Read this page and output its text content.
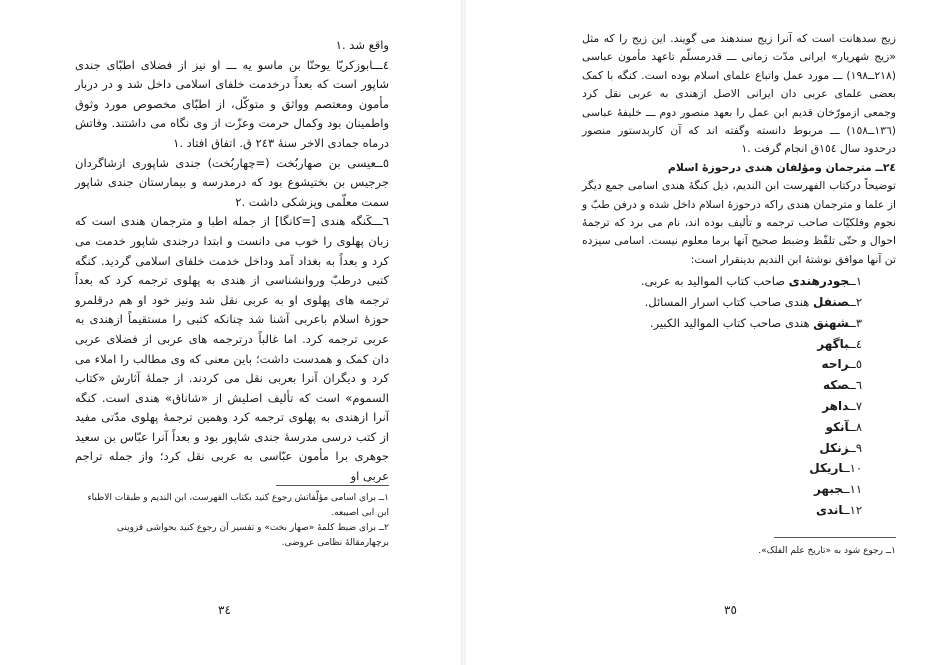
واقع شد .١

٤ـــابوزکریّا یوحنّا بن ماسو یه ـــ او نیز از فضلای اطبّای جندی شاپور است که بعداً درخدمت خلفای اسلامی داخل شد و در دربار مأمون ومعتصم وواثق و متوکّل، از اطبّای مخصوص مورد وثوق واطمینان بود وکمال حرمت وعزّت از وی نگاه می داشتند. وفاتش درماه جمادی الاخر سنهٔ ٢٤٣ ق. اتفاق افتاد .١

٥ــعیسی بن صهاربُخت (=چهاربُخت) جندی شاپوری ازشاگردان جرجیس بن بختیشوع بود که درمدرسه و بیمارستان جندی شاپور سمت معلّمی وپزشکی داشت .٢

٦ـــکَنگه هندی [=کانگا] از جمله اطبا و مترجمان هندی است که زبان پهلوی را خوب می دانست و ابتدا درجندی شاپور خدمت می کرد و بعداً به بغداد آمد وداخل خدمت خلفای اسلامی گردید. کنگه کتبی درطبّ وروانشناسی از هندی به پهلوی ترجمه کرد که بعداً ترجمه های پهلوی او به عربی نقل شد ونیز خود او هم درقلمرو حوزهٔ اسلام باعربی آشنا شد چنانکه کتبی را مستقیماً ازهندی به عربی ترجمه کرد. اما غالباً درترجمه های عربی از فضلای عربی دان کمک و همدست داشت؛ باین معنی که وی مطالب را املاء می کرد و دیگران آنرا بعربی نقل می کردند. از جملهٔ آثارش «کتاب السموم» است که تألیف اصلیش از «شاناق» هندی است. کنگه آنرا ازهندی به پهلوی ترجمه کرد وهمین ترجمهٔ پهلوی مدّتی مفید از کتب درسی مدرسهٔ جندی شاپور بود و بعداً آنرا عبّاس بن سعید جوهری برا مأمون عبّاسی به عربی نقل کرد؛ واز جمله تراجم عربی او

١ــ برای اسامی مؤلّفاتش رجوع کنید بکتاب الفهرست، ابن الندیم و طبقات الاطباء ابن ابی اصیبعه.

٢ــ برای ضبط کلمهٔ «صهار بخت» و تفسیر آن رجوع کنید بحواشی قزوینی برچهارمقالهٔ نظامی عروضی.

٣٤

زیج سدهانت است که آنرا زیج سندهند می گویند. این زیج را که مثل «زیج شهریار» ایرانی مدّت زمانی ـــ قدرمسلّم تاعهد مأمون عباسی (٢١٨ــ١٩٨) ـــ مورد عمل واتباع علمای اسلام بوده است. کنگه با کمک بعضی علمای عربی دان ایرانی الاصل ازهندی به عربی نقل کرد وجمعی ازمورّخان قدیم ابن عمل را بعهد منصور دوم ـــ خلیفهٔ عباسی (١٣٦ــ١٥٨) ـــ مربوط دانسته وگفته اند که آن کاربدستور منصور درحدود سال ١٥٤ق انجام گرفت .١

٢٤ــ مترجمان ومؤلفان هندی درحوزهٔ اسلام

توضیحاً درکتاب الفهرست ابن الندیم، ذیل کنگهٔ هندی اسامی جمع دیگر از علما و مترجمان هندی راکه درحوزهٔ اسلام داخل شده و درفن طبّ و نجوم وفلکیّات صاحب ترجمه و تألیف بوده اند، نام می برد که ترجمهٔ احوال و حتّی تلفّظ وضبط صحیح آنها برما معلوم نیست. اسامی سیزده تن آنها موافق نوشتهٔ ابن الندیم بدینقرار است:

١ــجودرهندی صاحب کتاب المواليد به عربی.
٢ــصنفل هندی صاحب کتاب اسرار المسائل.
٣ــشهنق هندی صاحب کتاب المواليد الكبير.
٤ــباگهر
٥ــراحه
٦ــصکه
٧ــداهر
٨ــآنکو
٩ــزنکل
١٠ــاریکل
١١ــجبهر
١٢ــاندی

١ــ رجوع شود به «تاریخ علم الفلک».

٣٥
